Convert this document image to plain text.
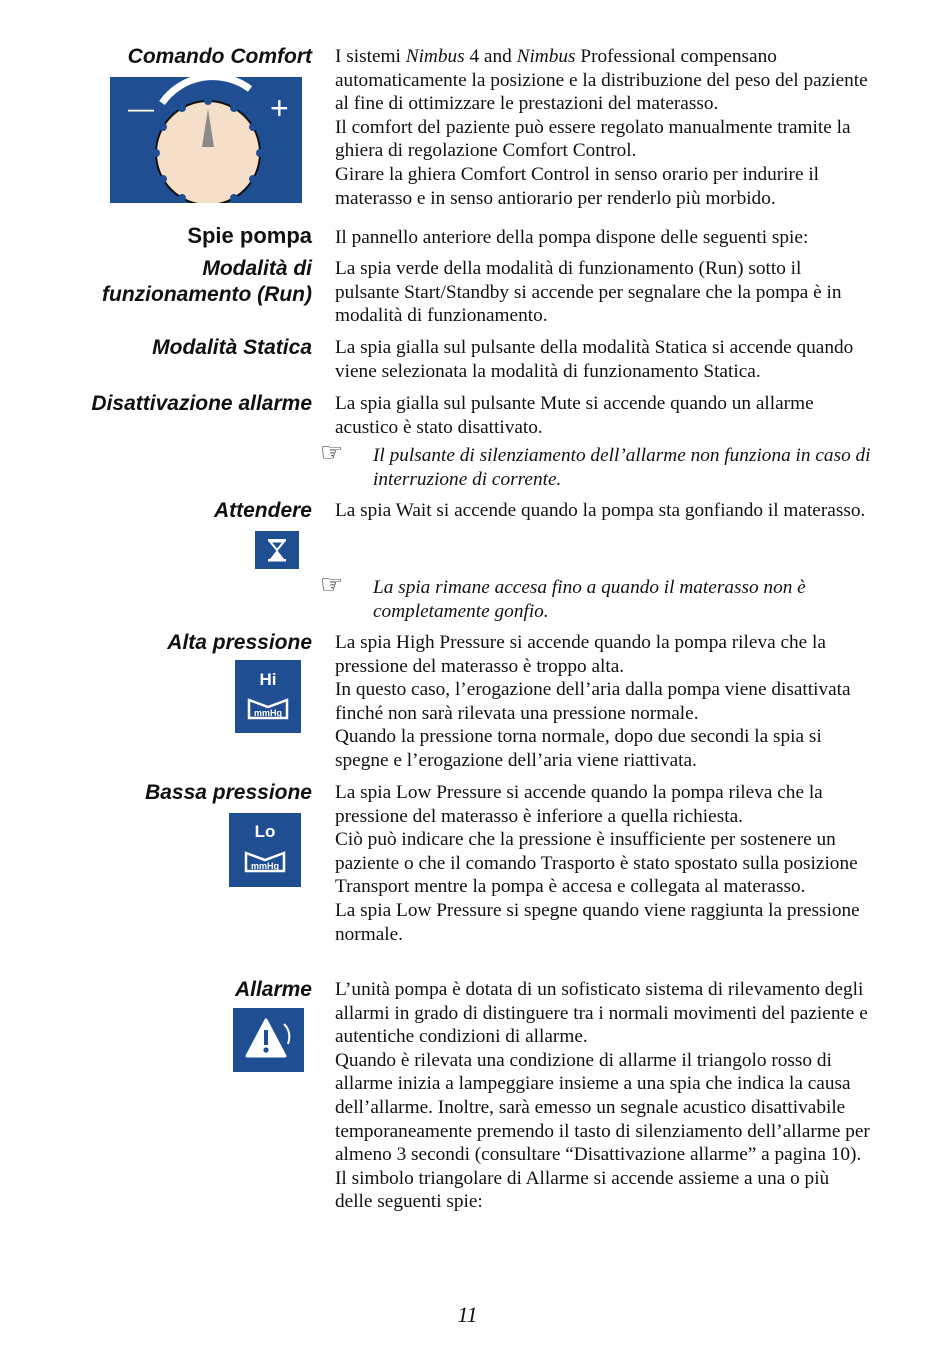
Comando Comfort
—	+

I sistemi Nimbus 4 and Nimbus Professional compensano automaticamente la posizione e la distribuzione del peso del paziente al fine di ottimizzare le prestazioni del materasso.

Il comfort del paziente può essere regolato manualmente tramite la ghiera di regolazione Comfort Control.

Girare la ghiera Comfort Control in senso orario per indurire il materasso e in senso antiorario per renderlo più morbido.

Spie pompa Il pannello anteriore della pompa dispone delle seguenti spie:
Modalità di
funzionamento (Run)
La spia verde della modalità di funzionamento (Run) sotto il pulsante Start/Standby si accende per segnalare che la pompa è in modalità di funzionamento.
Modalità Statica La spia gialla sul pulsante della modalità Statica si accende quando viene selezionata la modalità di funzionamento Statica.
Disattivazione allarme La spia gialla sul pulsante Mute si accende quando un allarme acustico è stato disattivato.
☞ Il pulsante di silenziamento dell’allarme non funziona in caso di interruzione di corrente.
Attendere La spia Wait si accende quando la pompa sta gonfiando il materasso.
☞ La spia rimane accesa fino a quando il materasso non è completamente gonfio.
Alta pressione
Hi
mmHg

La spia High Pressure si accende quando la pompa rileva che la pressione del materasso è troppo alta.

In questo caso, l’erogazione dell’aria dalla pompa viene disattivata finché non sarà rilevata una pressione normale.

Quando la pressione torna normale, dopo due secondi la spia si spegne e l’erogazione dell’aria viene riattivata.

Bassa pressione
Lo
mmHg

La spia Low Pressure si accende quando la pompa rileva che la pressione del materasso è inferiore a quella richiesta.

Ciò può indicare che la pressione è insufficiente per sostenere un paziente o che il comando Trasporto è stato spostato sulla posizione Transport mentre la pompa è accesa e collegata al materasso.

La spia Low Pressure si spegne quando viene raggiunta la pressione normale.

Allarme L’unità pompa è dotata di un sofisticato sistema di rilevamento degli allarmi in grado di distinguere tra i normali movimenti del paziente e autentiche condizioni di allarme.

Quando è rilevata una condizione di allarme il triangolo rosso di allarme inizia a lampeggiare insieme a una spia che indica la causa dell’allarme. Inoltre, sarà emesso un segnale acustico disattivabile temporaneamente premendo il tasto di silenziamento dell’allarme per almeno 3 secondi (consultare “Disattivazione allarme” a pagina 10).

Il simbolo triangolare di Allarme si accende assieme a una o più delle seguenti spie:

11
